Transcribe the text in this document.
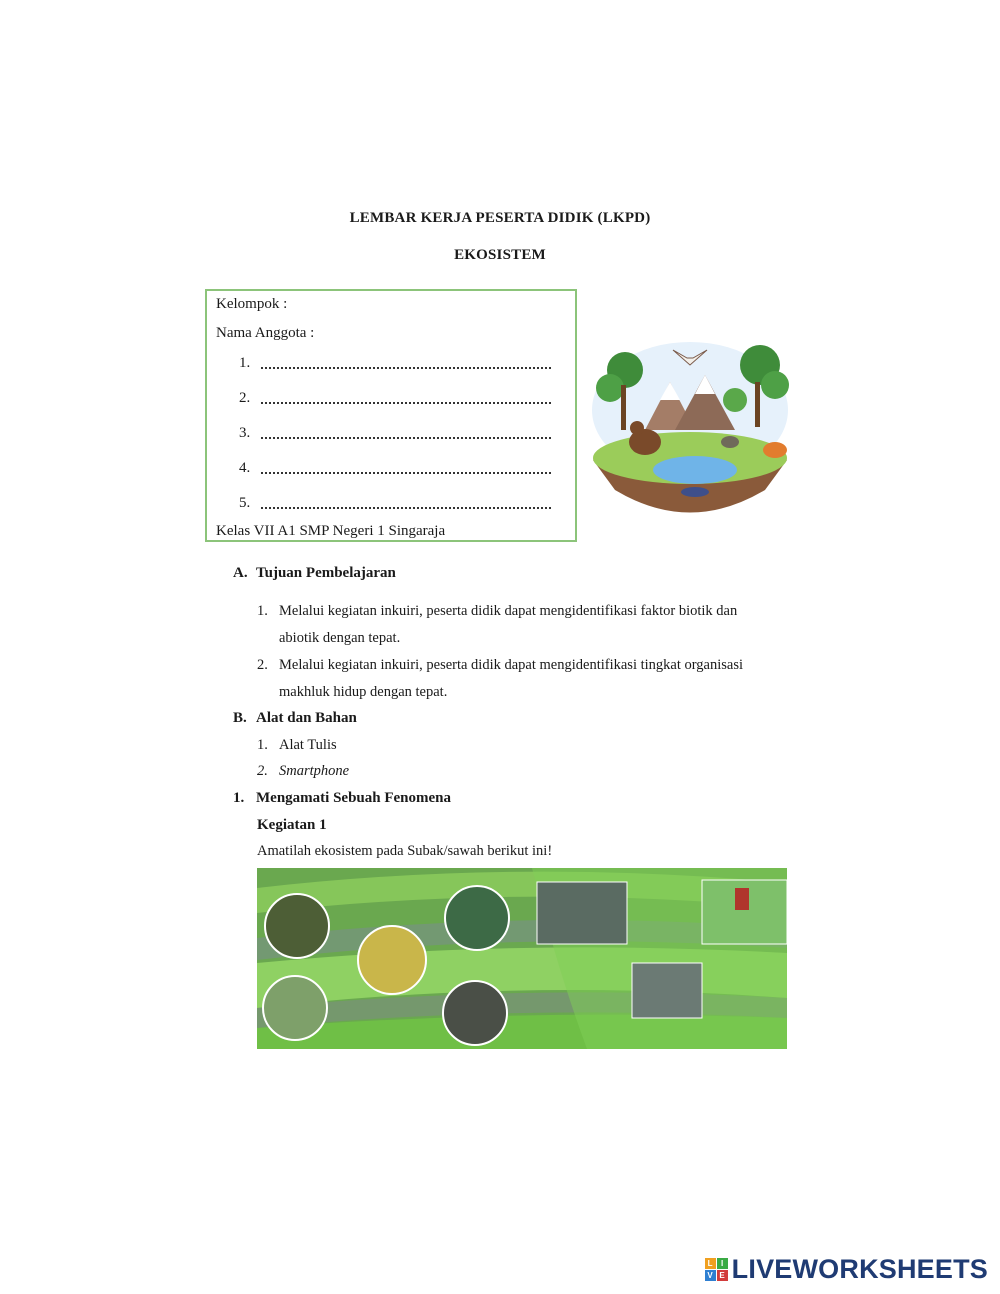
LEMBAR KERJA PESERTA DIDIK (LKPD)
EKOSISTEM
Kelompok :
Nama Anggota :
1.
2.
3.
4.
5.
Kelas VII A1 SMP Negeri 1 Singaraja
A. Tujuan Pembelajaran
1. Melalui kegiatan inkuiri, peserta didik dapat mengidentifikasi faktor biotik dan
abiotik dengan tepat.
2. Melalui kegiatan inkuiri, peserta didik dapat mengidentifikasi tingkat organisasi
makhluk hidup dengan tepat.
B. Alat dan Bahan
1. Alat Tulis
2. Smartphone
1. Mengamati Sebuah Fenomena
Kegiatan 1
Amatilah ekosistem pada Subak/sawah berikut ini!
L	I
V E LIVEWORKSHEETS
